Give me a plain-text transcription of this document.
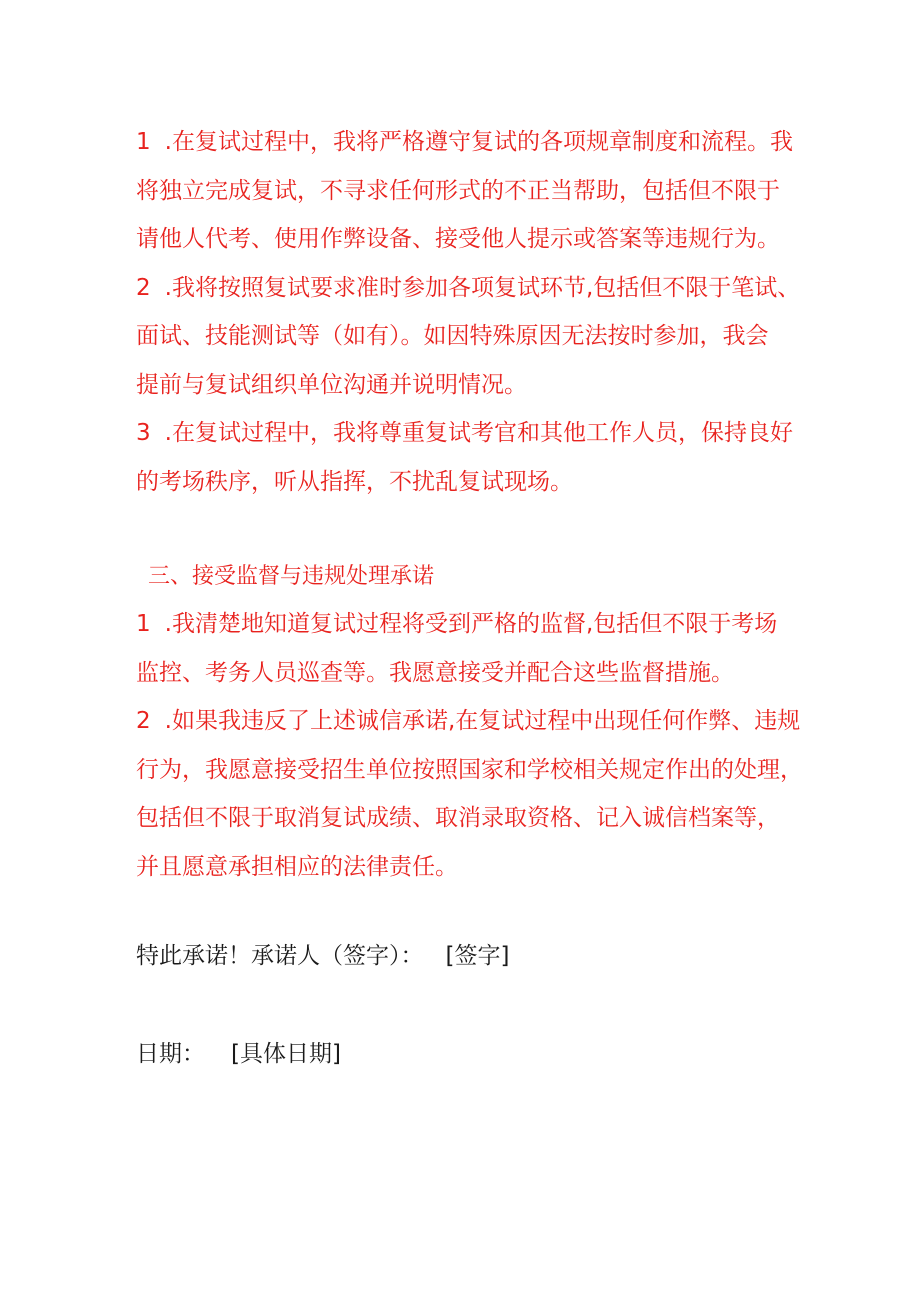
1 .在复试过程中，我将严格遵守复试的各项规章制度和流程。我
将独立完成复试，不寻求任何形式的不正当帮助，包括但不限于
请他人代考、使用作弊设备、接受他人提示或答案等违规行为。
2 .我将按照复试要求准时参加各项复试环节,包括但不限于笔试、
面试、技能测试等（如有）。如因特殊原因无法按时参加，我会
提前与复试组织单位沟通并说明情况。
3 .在复试过程中，我将尊重复试考官和其他工作人员，保持良好
的考场秩序，听从指挥，不扰乱复试现场。
三、接受监督与违规处理承诺
1 .我清楚地知道复试过程将受到严格的监督,包括但不限于考场
监控、考务人员巡查等。我愿意接受并配合这些监督措施。
2 .如果我违反了上述诚信承诺,在复试过程中出现任何作弊、违规
行为，我愿意接受招生单位按照国家和学校相关规定作出的处理，
包括但不限于取消复试成绩、取消录取资格、记入诚信档案等，
并且愿意承担相应的法律责任。
特此承诺！承诺人（签字）： [签字]
日期： [具体日期]
